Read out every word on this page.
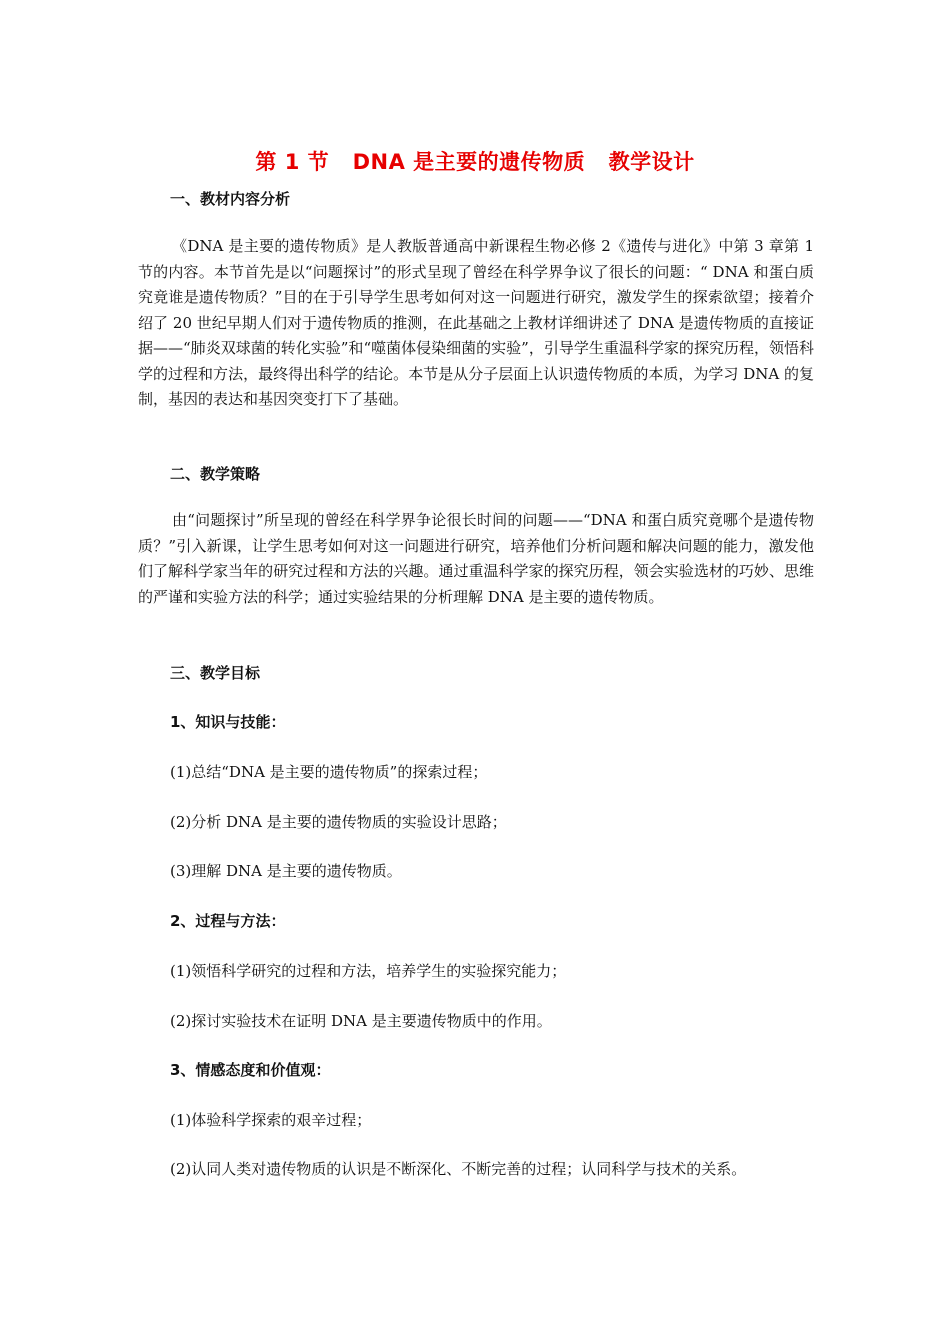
第 1 节   DNA 是主要的遗传物质   教学设计
一、教材内容分析
《DNA 是主要的遗传物质》是人教版普通高中新课程生物必修 2《遗传与进化》中第 3 章第 1 节的内容。本节首先是以“问题探讨”的形式呈现了曾经在科学界争议了很长的问题：“ DNA 和蛋白质究竟谁是遗传物质？”目的在于引导学生思考如何对这一问题进行研究，激发学生的探索欲望；接着介绍了 20 世纪早期人们对于遗传物质的推测，在此基础之上教材详细讲述了 DNA 是遗传物质的直接证据——“肺炎双球菌的转化实验”和“噬菌体侵染细菌的实验”，引导学生重温科学家的探究历程，领悟科学的过程和方法，最终得出科学的结论。本节是从分子层面上认识遗传物质的本质，为学习 DNA 的复制，基因的表达和基因突变打下了基础。
二、教学策略
由“问题探讨”所呈现的曾经在科学界争论很长时间的问题——“DNA 和蛋白质究竟哪个是遗传物质？”引入新课，让学生思考如何对这一问题进行研究，培养他们分析问题和解决问题的能力，激发他们了解科学家当年的研究过程和方法的兴趣。通过重温科学家的探究历程，领会实验选材的巧妙、思维的严谨和实验方法的科学；通过实验结果的分析理解 DNA 是主要的遗传物质。
三、教学目标
1、知识与技能：
(1)总结“DNA 是主要的遗传物质”的探索过程；
(2)分析 DNA 是主要的遗传物质的实验设计思路；
(3)理解 DNA 是主要的遗传物质。
2、过程与方法：
(1)领悟科学研究的过程和方法，培养学生的实验探究能力；
(2)探讨实验技术在证明 DNA 是主要遗传物质中的作用。
3、情感态度和价值观：
(1)体验科学探索的艰辛过程；
(2)认同人类对遗传物质的认识是不断深化、不断完善的过程；认同科学与技术的关系。
